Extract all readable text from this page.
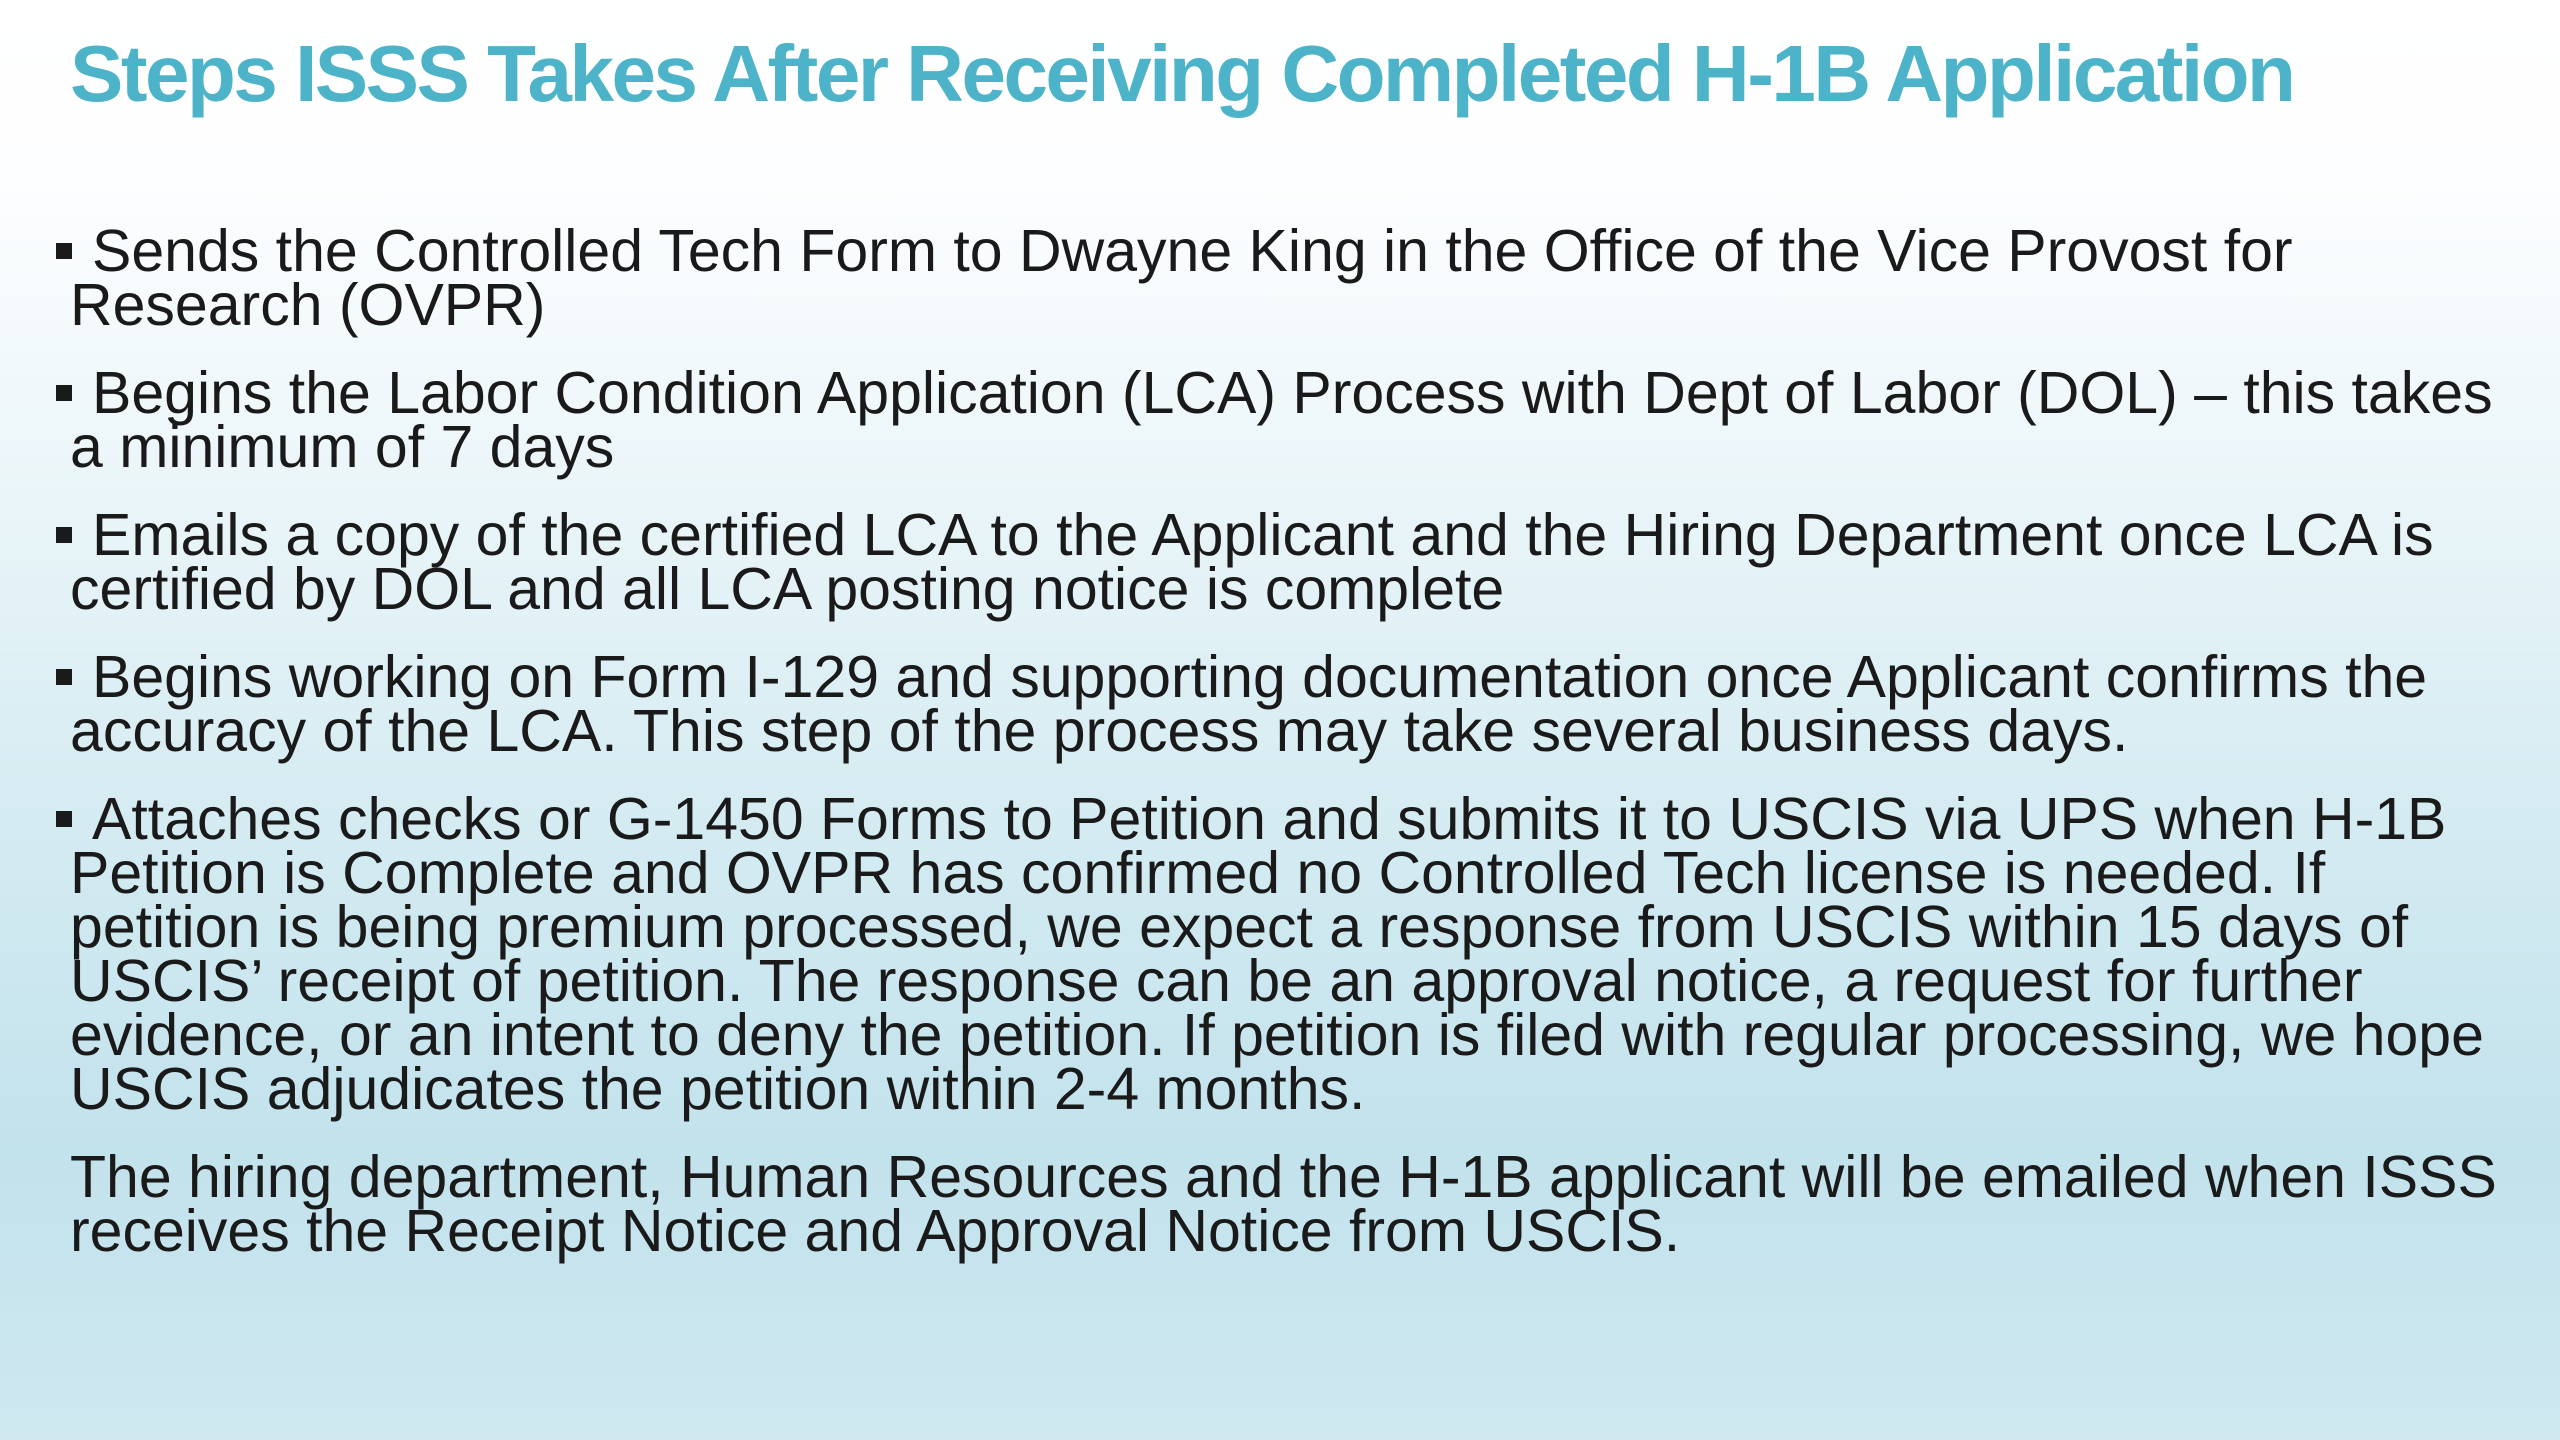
Steps ISSS Takes After Receiving Completed H-1B Application
Sends the Controlled Tech Form to Dwayne King in the Office of the Vice Provost for Research (OVPR)
Begins the Labor Condition Application (LCA) Process with Dept of Labor (DOL) – this takes a minimum of 7 days
Emails a copy of the certified LCA to the Applicant and the Hiring Department once LCA is certified by DOL and all LCA posting notice is complete
Begins working on Form I-129 and supporting documentation once Applicant confirms the accuracy of the LCA. This step of the process may take several business days.
Attaches checks or G-1450 Forms to Petition and submits it to USCIS via UPS when H-1B Petition is Complete and OVPR has confirmed no Controlled Tech license is needed. If petition is being premium processed, we expect a response from USCIS within 15 days of USCIS’ receipt of petition. The response can be an approval notice, a request for further evidence, or an intent to deny the petition. If petition is filed with regular processing, we hope USCIS adjudicates the petition within 2-4 months.

The hiring department, Human Resources and the H-1B applicant will be emailed when ISSS receives the Receipt Notice and Approval Notice from USCIS.
